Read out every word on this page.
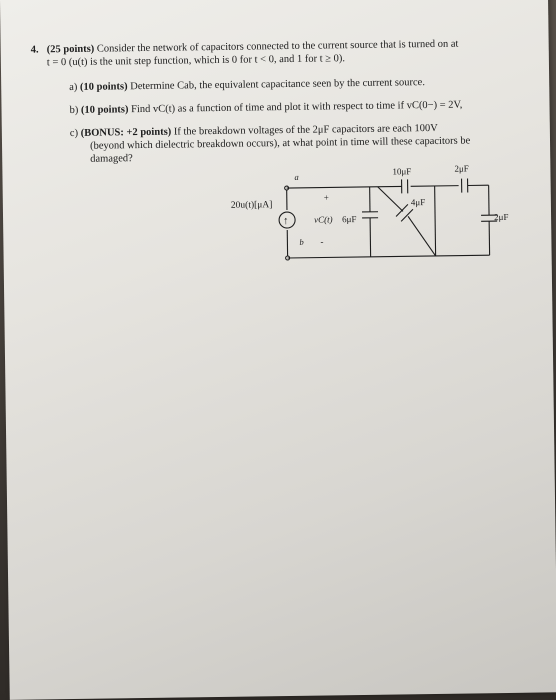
4. (25 points) Consider the network of capacitors connected to the current source that is turned on at
t = 0 (u(t) is the unit step function, which is 0 for t < 0, and 1 for t ≥ 0).
a) (10 points) Determine Cab, the equivalent capacitance seen by the current source.
b) (10 points) Find vC(t) as a function of time and plot it with respect to time if vC(0−) = 2V,
c) (BONUS: +2 points) If the breakdown voltages of the 2μF capacitors are each 100V
(beyond which dielectric breakdown occurs), at what point in time will these capacitors be
damaged?
↑
20u(t)[μA]
a
b
+
-
vC(t) 6μF
10μF	2μF
4μF
2μF
